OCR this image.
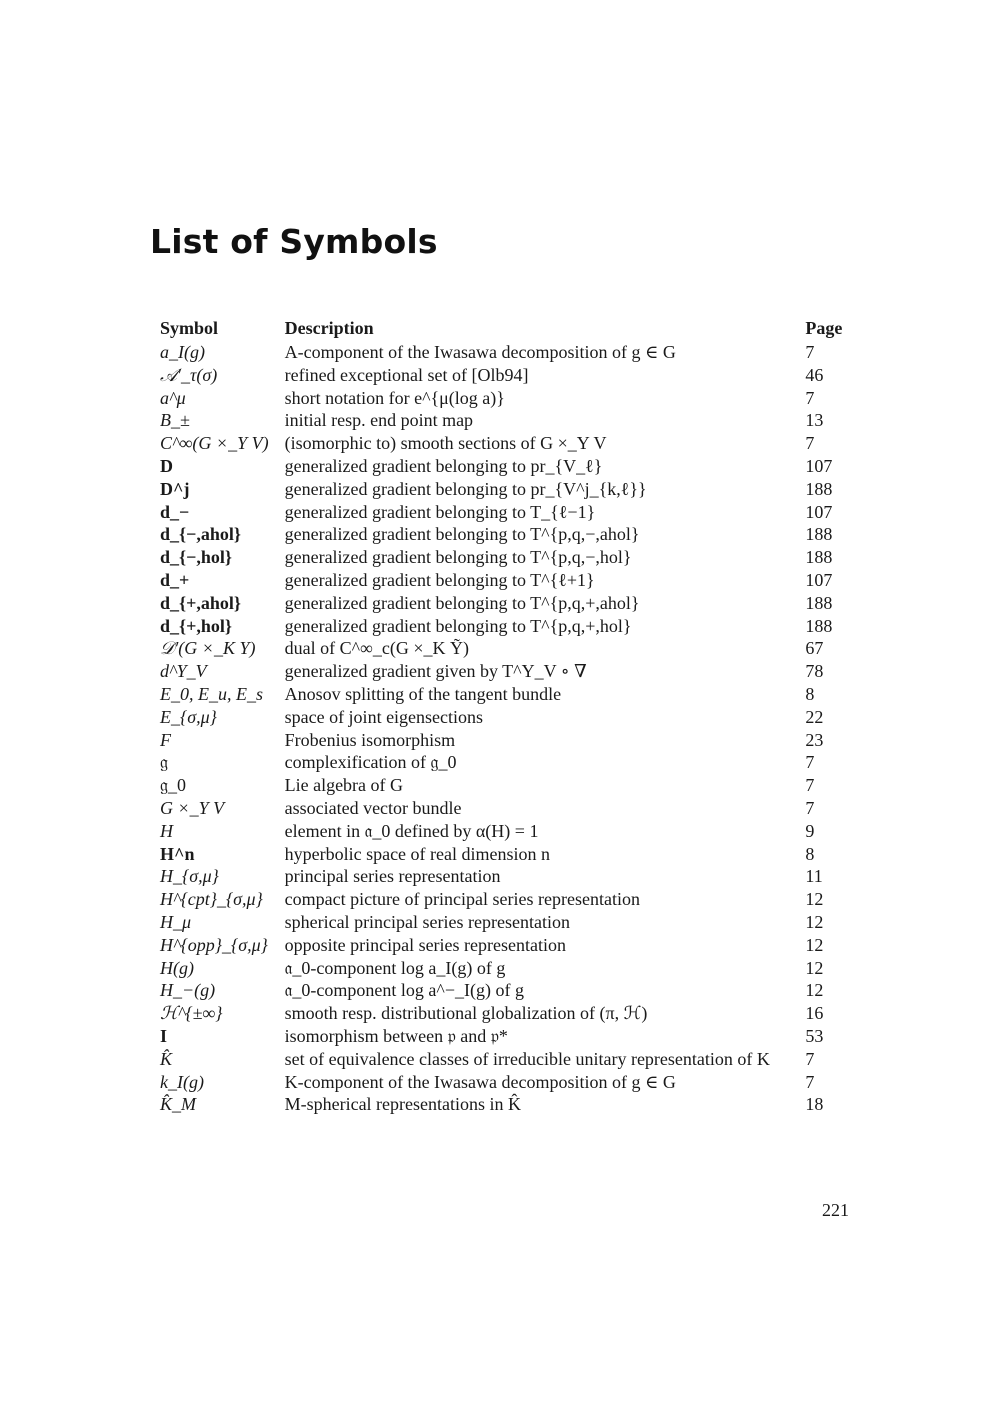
List of Symbols
Symbol	Description	Page
a_I(g)	A-component of the Iwasawa decomposition of g ∈ G	7
𝒜′_τ(σ)	refined exceptional set of [Olb94]	46
a^μ	short notation for e^{μ(log a)}	7
B_±	initial resp. end point map	13
C^∞(G ×_Υ V)	(isomorphic to) smooth sections of G ×_Υ V	7
D	generalized gradient belonging to pr_{V_ℓ}	107
D^j	generalized gradient belonging to pr_{V^j_{k,ℓ}}	188
d_−	generalized gradient belonging to T_{ℓ−1}	107
d_{−,ahol}	generalized gradient belonging to T^{p,q,−,ahol}	188
d_{−,hol}	generalized gradient belonging to T^{p,q,−,hol}	188
d_+	generalized gradient belonging to T^{ℓ+1}	107
d_{+,ahol}	generalized gradient belonging to T^{p,q,+,ahol}	188
d_{+,hol}	generalized gradient belonging to T^{p,q,+,hol}	188
𝒟′(G ×_K Y)	dual of C^∞_c(G ×_K Ỹ)	67
d^Y_V	generalized gradient given by T^Y_V ∘ ∇	78
E_0, E_u, E_s	Anosov splitting of the tangent bundle	8
E_{σ,μ}	space of joint eigensections	22
F	Frobenius isomorphism	23
𝔤	complexification of 𝔤_0	7
𝔤_0	Lie algebra of G	7
G ×_Υ V	associated vector bundle	7
H	element in 𝔞_0 defined by α(H) = 1	9
H^n	hyperbolic space of real dimension n	8
H_{σ,μ}	principal series representation	11
H^{cpt}_{σ,μ}	compact picture of principal series representation	12
H_μ	spherical principal series representation	12
H^{opp}_{σ,μ}	opposite principal series representation	12
H(g)	𝔞_0-component log a_I(g) of g	12
H_−(g)	𝔞_0-component log a^−_I(g) of g	12
ℋ^{±∞}	smooth resp. distributional globalization of (π, ℋ)	16
I	isomorphism between 𝔭 and 𝔭*	53
K̂	set of equivalence classes of irreducible unitary representation of K	7
k_I(g)	K-component of the Iwasawa decomposition of g ∈ G	7
K̂_M	M-spherical representations in K̂	18
221
